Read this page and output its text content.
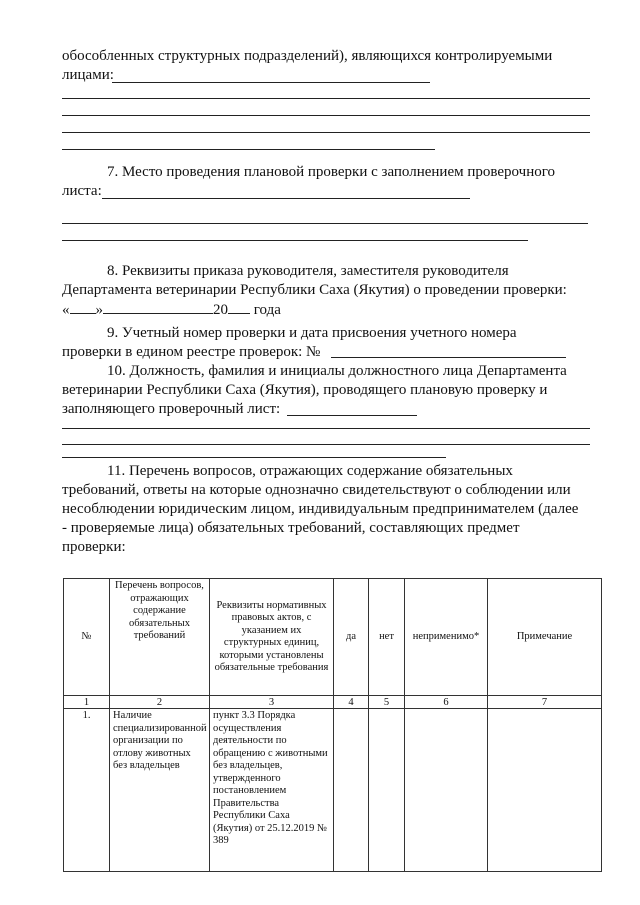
обособленных структурных подразделений), являющихся контролируемыми

лицами:

7. Место проведения плановой проверки с заполнением проверочного

листа:

8. Реквизиты приказа руководителя, заместителя руководителя

Департамента ветеринарии Республики Саха (Якутия) о проведении проверки:

« »	20 года

9. Учетный номер проверки и дата присвоения учетного номера

проверки в едином реестре проверок: №

10. Должность, фамилия и инициалы должностного лица Департамента

ветеринарии Республики Саха (Якутия), проводящего плановую проверку и

заполняющего проверочный лист:

11. Перечень вопросов, отражающих содержание обязательных

требований, ответы на которые однозначно свидетельствуют о соблюдении или

несоблюдении юридическим лицом, индивидуальным предпринимателем (далее

- проверяемые лица) обязательных требований, составляющих предмет

проверки:

№	Перечень вопросов, отражающих содержание обязательных требований	Реквизиты нормативных правовых актов, с указанием их структурных единиц, которыми установлены обязательные требования	да	нет	неприменимо*	Примечание
1	2	3	4	5	6	7
1.	Наличие специализированной организации по отлову животных без владельцев	пункт 3.3 Порядка осуществления деятельности по обращению с животными без владельцев, утвержденного постановлением Правительства Республики Саха (Якутия) от 25.12.2019 № 389				
